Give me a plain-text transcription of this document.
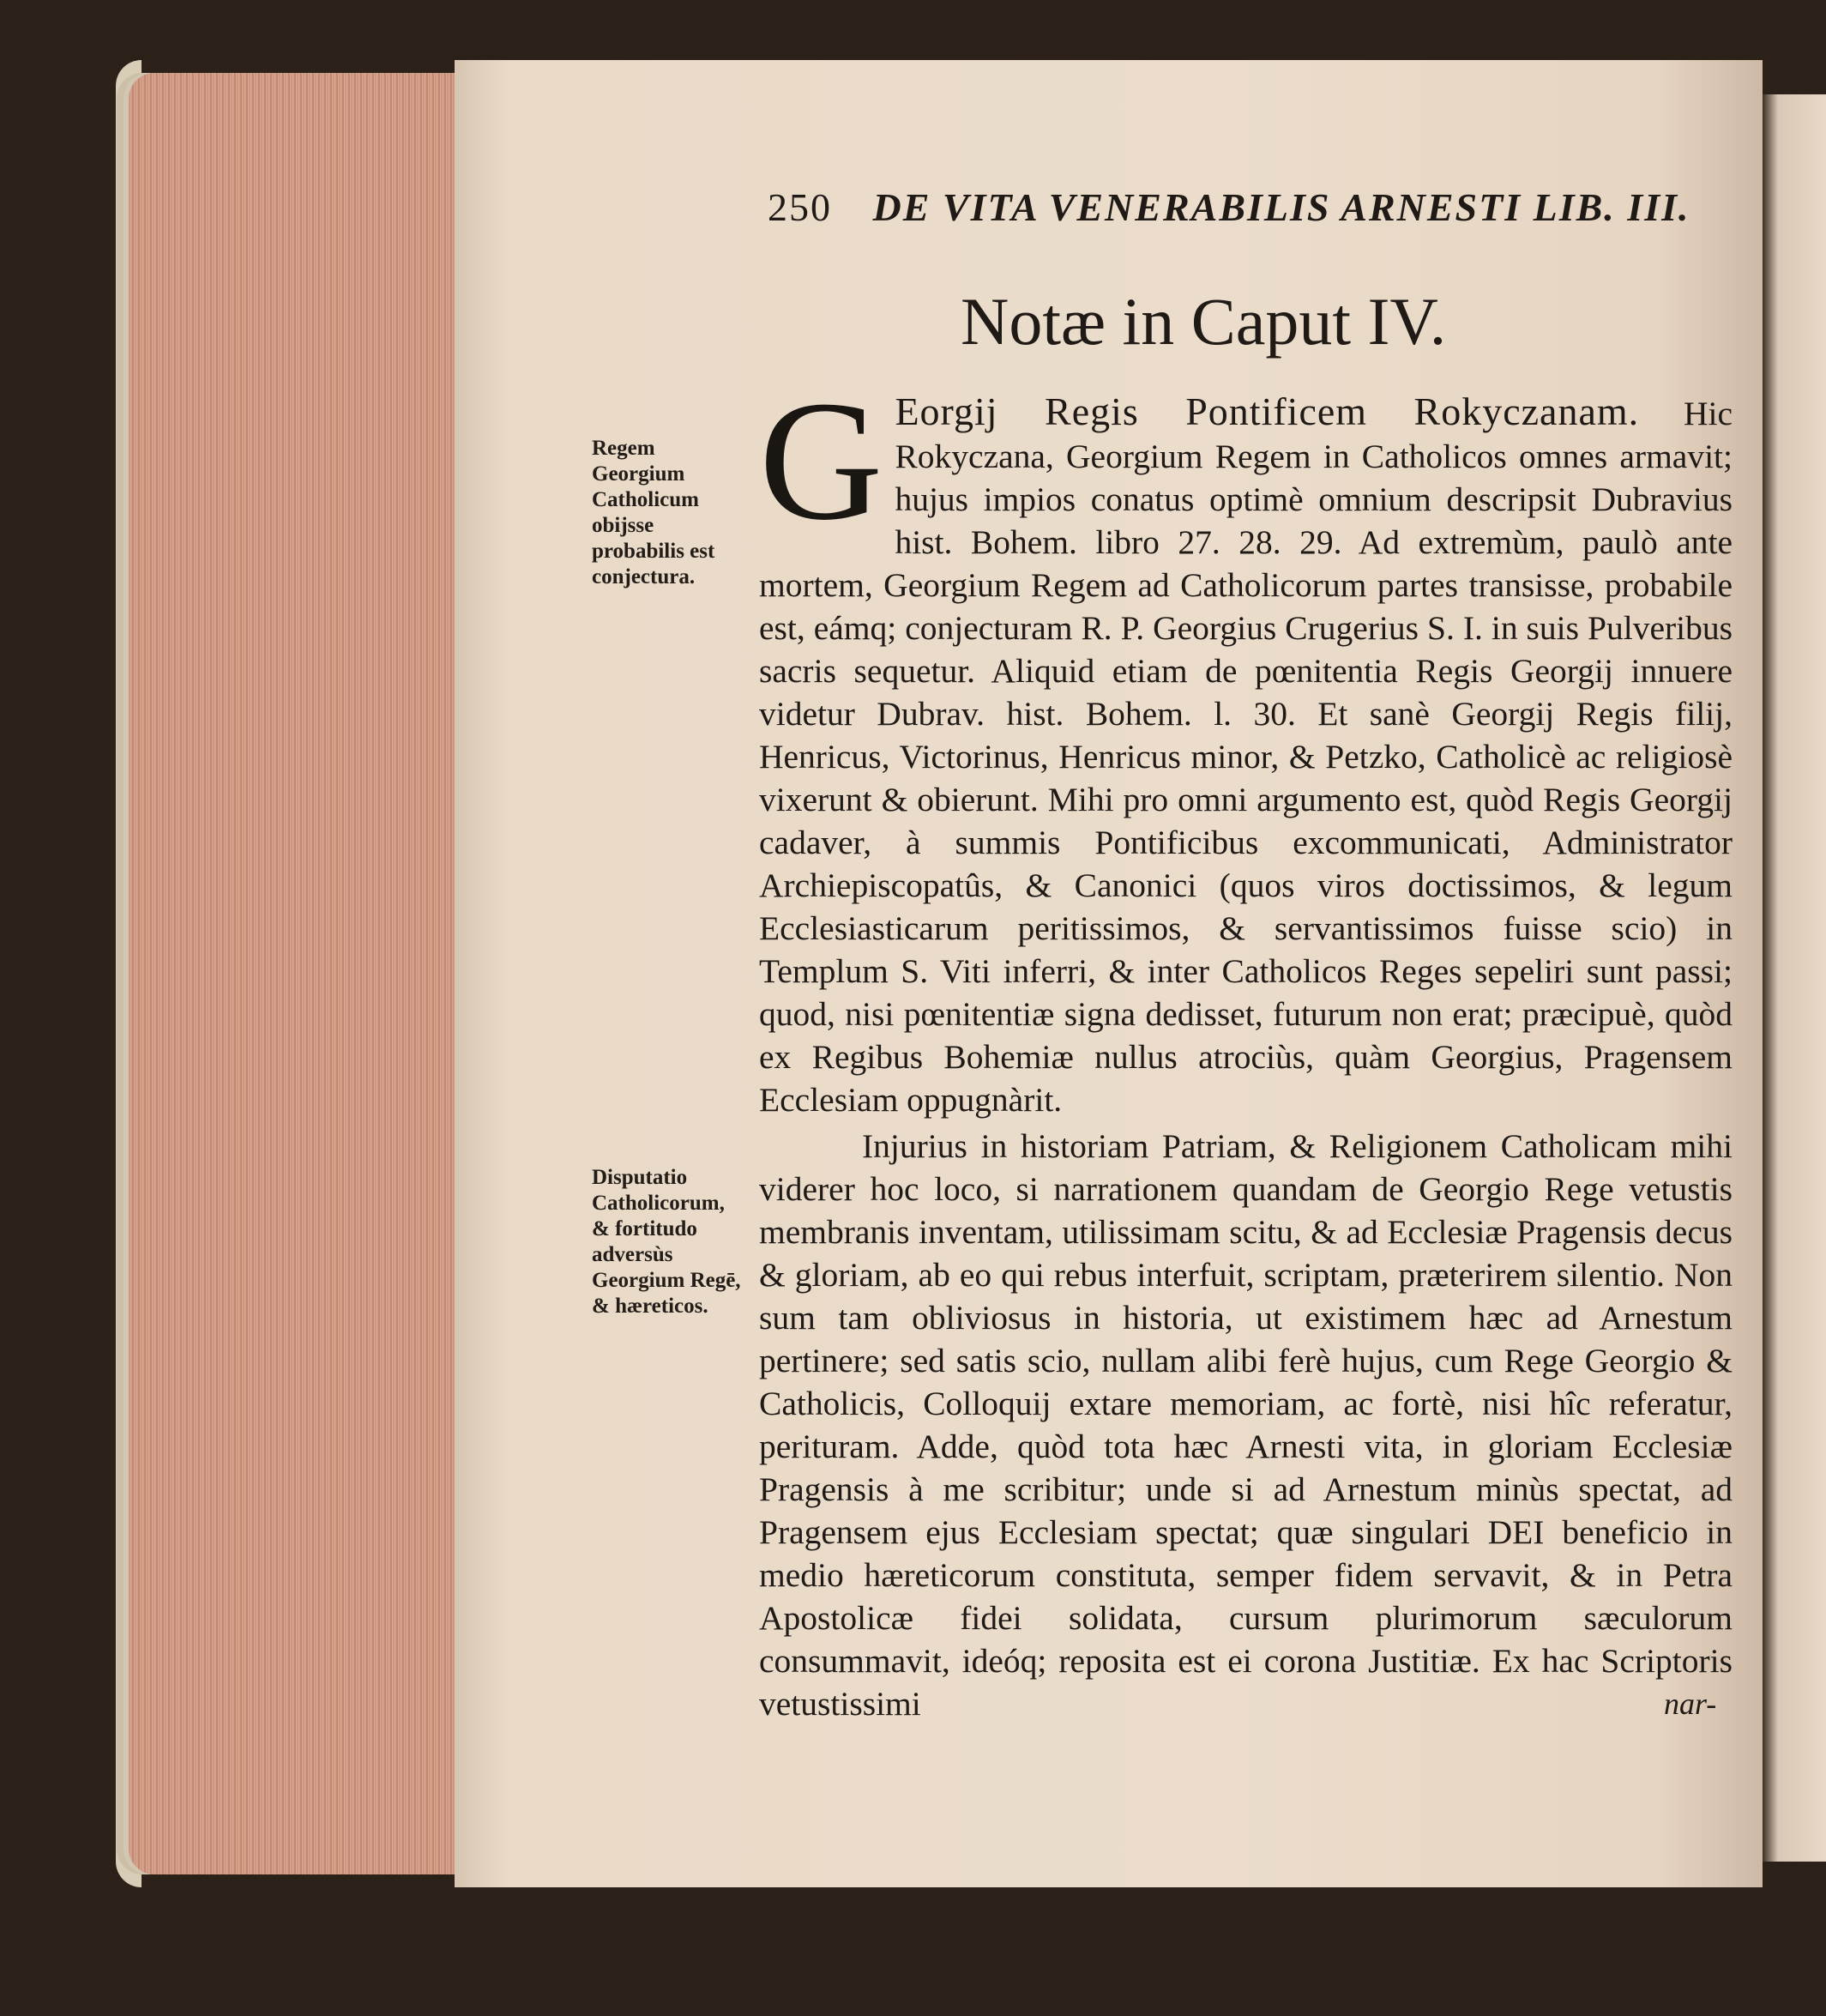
250 DE VITA VENERABILIS ARNESTI LIB. III.
Notæ in Caput IV.
Regem Georgium Catholicum obijsse probabilis est conjectura.
Disputatio Catholicorum, & fortitudo adversùs Georgium Regē, & hæreticos.

G Eorgij Regis Pontificem Rokyczanam. Hic Rokyczana, Georgium Regem in Catholicos omnes armavit; hujus impios conatus optimè omnium descripsit Dubravius hist. Bohem. libro 27. 28. 29. Ad extremùm, paulò ante mortem, Georgium Regem ad Catholicorum partes transisse, probabile est, eámq; conjecturam R. P. Georgius Crugerius S. I. in suis Pulveribus sacris sequetur. Aliquid etiam de pœnitentia Regis Georgij innuere videtur Dubrav. hist. Bohem. l. 30. Et sanè Georgij Regis filij, Henricus, Victorinus, Henricus minor, & Petzko, Catholicè ac religiosè vixerunt & obierunt. Mihi pro omni argumento est, quòd Regis Georgij cadaver, à summis Pontificibus excommunicati, Administrator Archiepiscopatûs, & Canonici (quos viros doctissimos, & legum Ecclesiasticarum peritissimos, & servantissimos fuisse scio) in Templum S. Viti inferri, & inter Catholicos Reges sepeliri sunt passi; quod, nisi pœnitentiæ signa dedisset, futurum non erat; præcipuè, quòd ex Regibus Bohemiæ nullus atrociùs, quàm Georgius, Pragensem Ecclesiam oppugnàrit.

Injurius in historiam Patriam, & Religionem Catholicam mihi viderer hoc loco, si narrationem quandam de Georgio Rege vetustis membranis inventam, utilissimam scitu, & ad Ecclesiæ Pragensis decus & gloriam, ab eo qui rebus interfuit, scriptam, præterirem silentio. Non sum tam obliviosus in historia, ut existimem hæc ad Arnestum pertinere; sed satis scio, nullam alibi ferè hujus, cum Rege Georgio & Catholicis, Colloquij extare memoriam, ac fortè, nisi hîc referatur, perituram. Adde, quòd tota hæc Arnesti vita, in gloriam Ecclesiæ Pragensis à me scribitur; unde si ad Arnestum minùs spectat, ad Pragensem ejus Ecclesiam spectat; quæ singulari DEI beneficio in medio hæreticorum constituta, semper fidem servavit, & in Petra Apostolicæ fidei solidata, cursum plurimorum sæculorum consummavit, ideóq; reposita est ei corona Justitiæ. Ex hac Scriptoris vetustissimi	nar-
